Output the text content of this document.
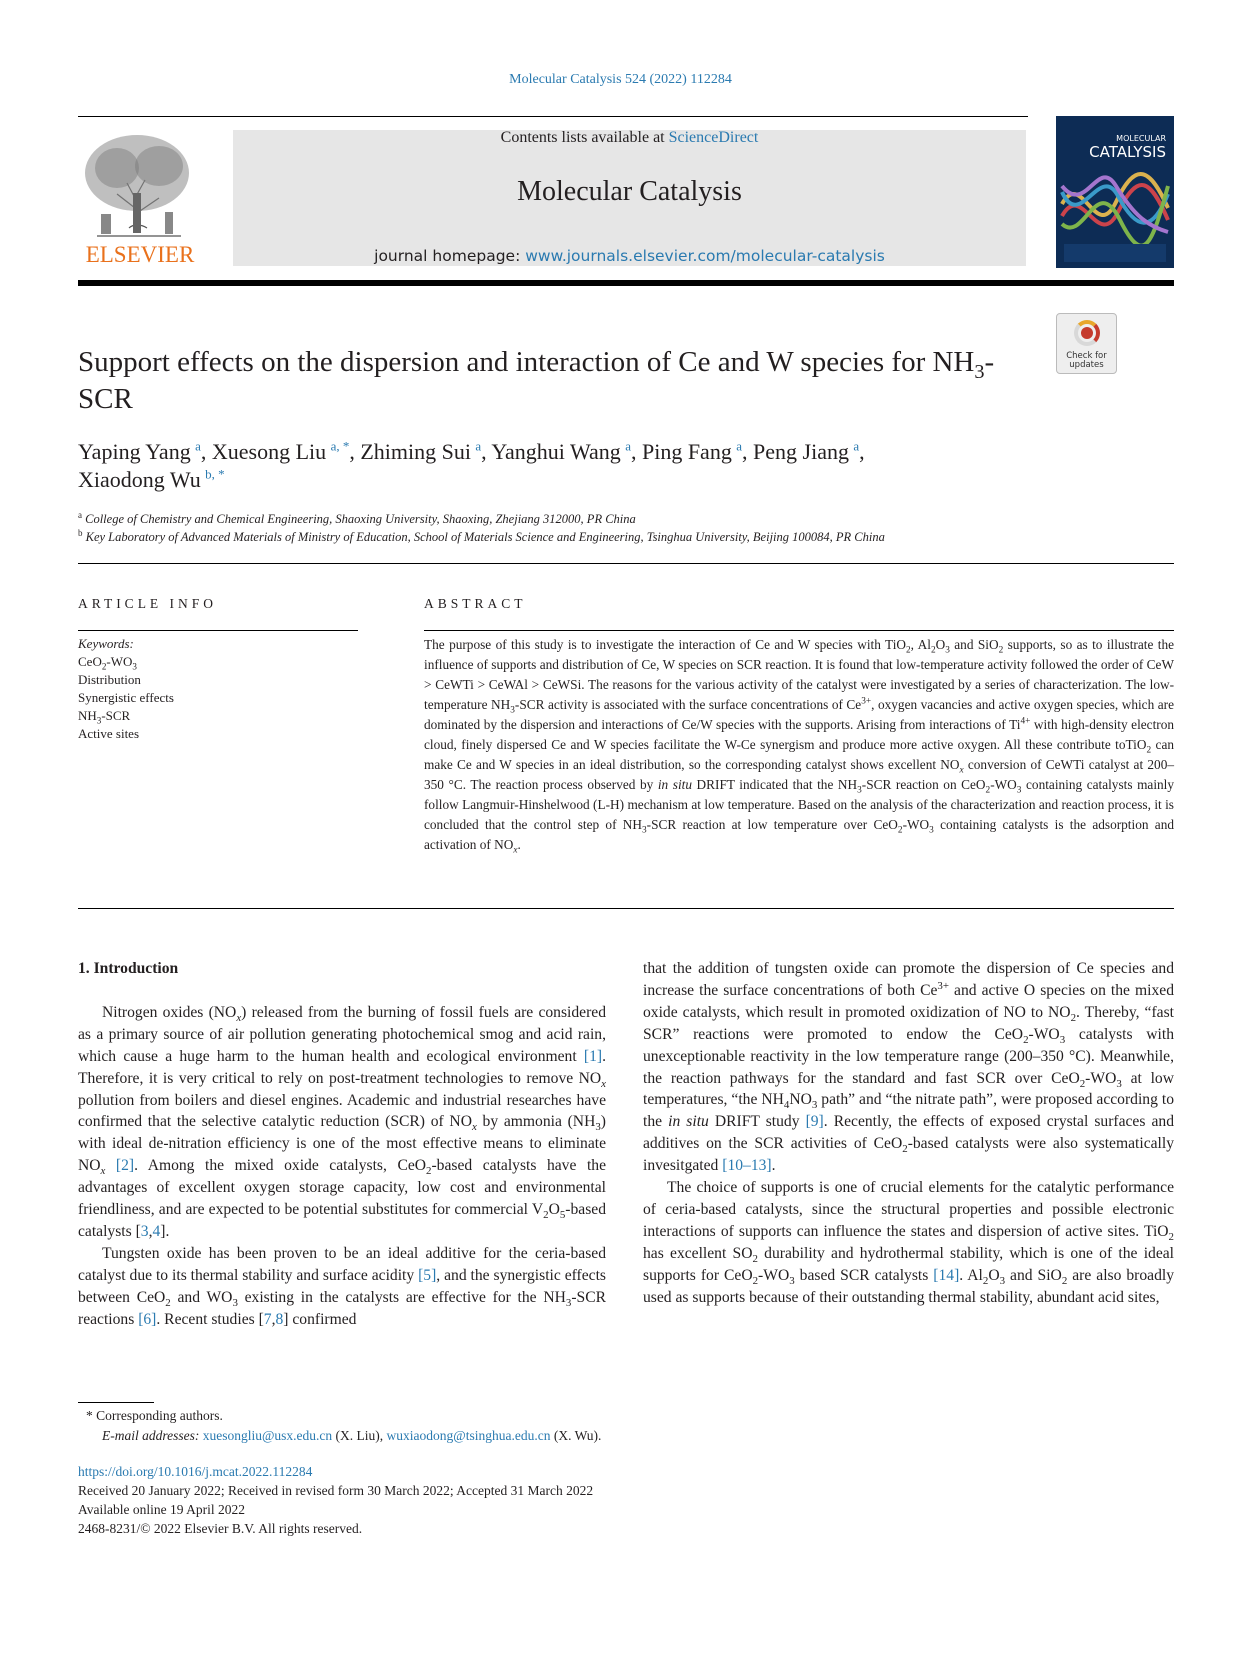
Molecular Catalysis 524 (2022) 112284
ELSEVIER
Contents lists available at ScienceDirect
Molecular Catalysis
journal homepage: www.journals.elsevier.com/molecular-catalysis
MOLECULAR
CATALYSIS
Check for updates
Support effects on the dispersion and interaction of Ce and W species for $NH_3$-SCR
Yaping Yang  $^a$, Xuesong Liu  $^{a, *}$, Zhiming Sui  $^a$, Yanghui Wang  $^a$, Ping Fang  $^a$, Peng Jiang  $^a$,
Xiaodong Wu  $^{b, *}$
$^a$ College of Chemistry and Chemical Engineering, Shaoxing University, Shaoxing, Zhejiang 312000, PR China
$^b$ Key Laboratory of Advanced Materials of Ministry of Education, School of Materials Science and Engineering, Tsinghua University, Beijing 100084, PR China
ARTICLE INFO	ABSTRACT
Keywords:
$CeO_2-WO_3$
Distribution
Synergistic effects
$NH_3$-SCR
Active sites
The purpose of this study is to investigate the interaction of Ce and W species with TiO$_2$, $Al_2O_3$ and SiO$_2$ supports, so as to illustrate the influence of supports and distribution of Ce, W species on SCR reaction. It is found that low-temperature activity followed the order of CeW > CeWTi > CeWAl > CeWSi. The reasons for the various activity of the catalyst were investigated by a series of characterization. The low-temperature $NH_3$-SCR activity is associated with the surface concentrations of $Ce^{3+}$, oxygen vacancies and active oxygen species, which are dominated by the dispersion and interactions of Ce/W species with the supports. Arising from interactions of $Ti^{4+}$ with high-density electron cloud, finely dispersed Ce and W species facilitate the W-Ce synergism and produce more active oxygen. All these contribute toTiO$_2$ can make Ce and W species in an ideal distribution, so the corresponding catalyst shows excellent $NO_x$ conversion of CeWTi catalyst at 200–350 °C. The reaction process observed by in situ DRIFT indicated that the $NH_3$-SCR reaction on $CeO_2-WO_3$ containing catalysts mainly follow Langmuir-Hinshelwood (L-H) mechanism at low temperature. Based on the analysis of the characterization and reaction process, it is concluded that the control step of $NH_3$-SCR reaction at low temperature over $CeO_2-WO_3$ containing catalysts is the adsorption and activation of $NO_x$.
1. Introduction
Nitrogen oxides $(NO_x)$ released from the burning of fossil fuels are considered as a primary source of air pollution generating photochemical smog and acid rain, which cause a huge harm to the human health and ecological environment [1]. Therefore, it is very critical to rely on post-treatment technologies to remove $NO_x$ pollution from boilers and diesel engines. Academic and industrial researches have confirmed that the selective catalytic reduction (SCR) of $NO_x$ by ammonia $(NH_3)$ with ideal de-nitration efficiency is one of the most effective means to eliminate $NO_x$ [2]. Among the mixed oxide catalysts, CeO$_2$-based catalysts have the advantages of excellent oxygen storage capacity, low cost and environmental friendliness, and are expected to be potential substitutes for commercial $V_2O_5$-based catalysts [3,4].
Tungsten oxide has been proven to be an ideal additive for the ceria-based catalyst due to its thermal stability and surface acidity [5], and the synergistic effects between CeO$_2$ and $WO_3$ existing in the catalysts are effective for the $NH_3$-SCR reactions [6]. Recent studies [7,8] confirmed
that the addition of tungsten oxide can promote the dispersion of Ce species and increase the surface concentrations of both $Ce^{3+}$ and active O species on the mixed oxide catalysts, which result in promoted oxidization of NO to $NO_2$. Thereby, “fast SCR” reactions were promoted to endow the $CeO_2-WO_3$ catalysts with unexceptionable reactivity in the low temperature range (200–350 °C). Meanwhile, the reaction pathways for the standard and fast SCR over $CeO_2-WO_3$ at low temperatures, “the $NH_4NO_3$ path” and “the nitrate path”, were proposed according to the in situ DRIFT study [9]. Recently, the effects of exposed crystal surfaces and additives on the SCR activities of CeO$_2$-based catalysts were also systematically invesitgated [10–13].
The choice of supports is one of crucial elements for the catalytic performance of ceria-based catalysts, since the structural properties and possible electronic interactions of supports can influence the states and dispersion of active sites. TiO$_2$ has excellent $SO_2$ durability and hydrothermal stability, which is one of the ideal supports for $CeO_2-WO_3$ based SCR catalysts [14]. $Al_2O_3$ and SiO$_2$ are also broadly used as supports because of their outstanding thermal stability, abundant acid sites,
* Corresponding authors.
E-mail addresses: xuesongliu@usx.edu.cn (X. Liu), wuxiaodong@tsinghua.edu.cn (X. Wu).
https://doi.org/10.1016/j.mcat.2022.112284
Received 20 January 2022; Received in revised form 30 March 2022; Accepted 31 March 2022
Available online 19 April 2022
2468-8231/© 2022 Elsevier B.V. All rights reserved.
